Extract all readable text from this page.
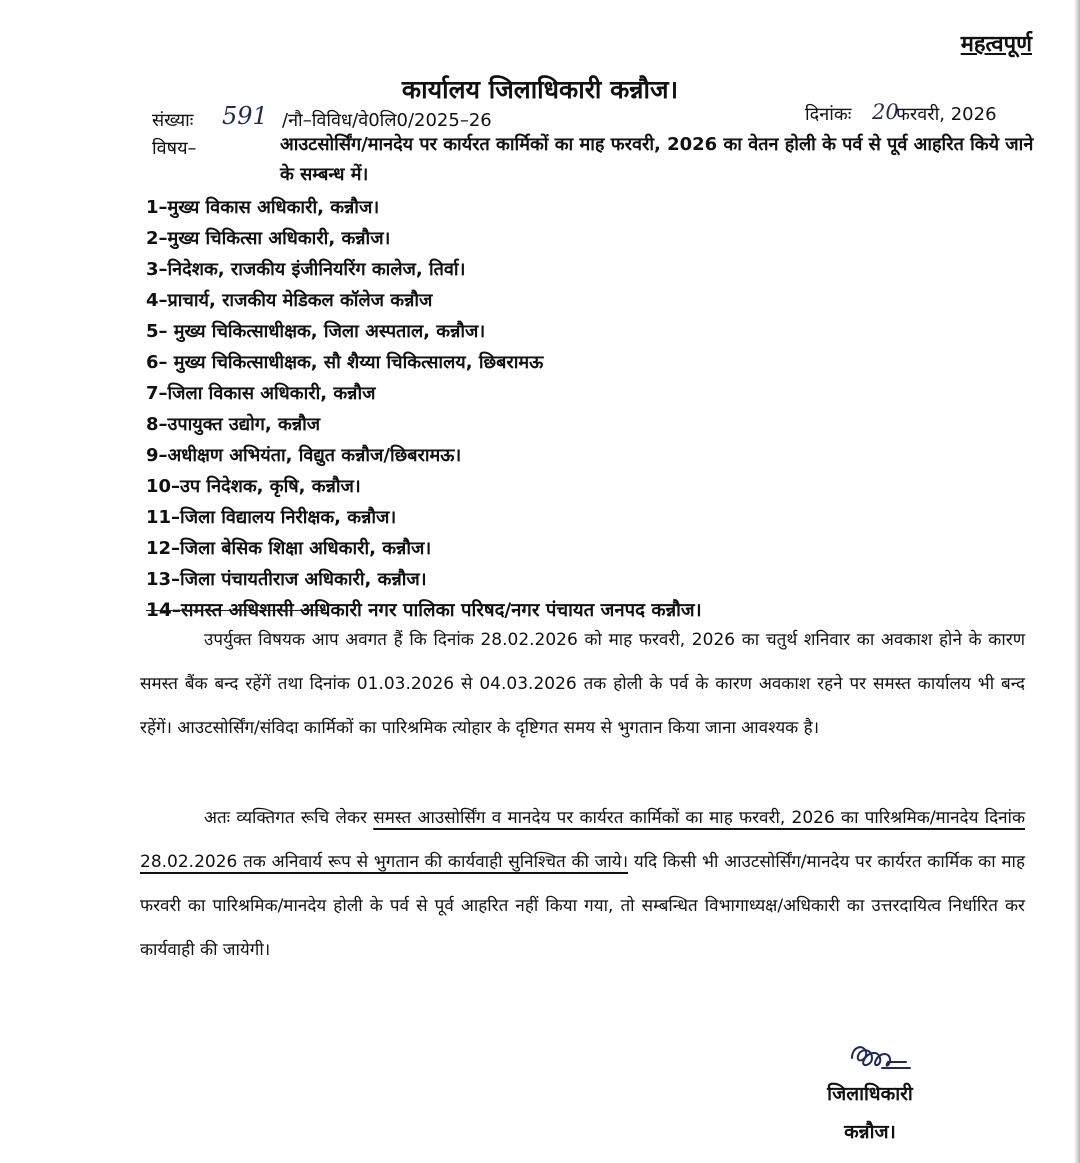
महत्वपूर्ण
कार्यालय जिलाधिकारी कन्नौज।
संख्याः 591 /नौ–विविध/वे0लि0/2025–26	दिनांकः 20
फरवरी, 2026
विषय–	आउटसोर्सिंग/मानदेय पर कार्यरत कार्मिकों का माह फरवरी, 2026 का वेतन होली के पर्व से पूर्व आहरित किये जाने के सम्बन्ध में।
1–मुख्य विकास अधिकारी, कन्नौज।
2–मुख्य चिकित्सा अधिकारी, कन्नौज।
3–निदेशक, राजकीय इंजीनियरिंग कालेज, तिर्वा।
4–प्राचार्य, राजकीय मेडिकल कॉलेज कन्नौज
5– मुख्य चिकित्साधीक्षक, जिला अस्पताल, कन्नौज।
6– मुख्य चिकित्साधीक्षक, सौ शैय्या चिकित्सालय, छिबरामऊ
7–जिला विकास अधिकारी, कन्नौज
8–उपायुक्त उद्योग, कन्नौज
9–अधीक्षण अभियंता, विद्युत कन्नौज/छिबरामऊ।
10–उप निदेशक, कृषि, कन्नौज।
11–जिला विद्यालय निरीक्षक, कन्नौज।
12–जिला बेसिक शिक्षा अधिकारी, कन्नौज।
13–जिला पंचायतीराज अधिकारी, कन्नौज।
14–समस्त अधिशासी अधिकारी नगर पालिका परिषद/नगर पंचायत जनपद कन्नौज।
उपर्युक्त विषयक आप अवगत हैं कि दिनांक 28.02.2026 को माह फरवरी, 2026 का चतुर्थ शनिवार का अवकाश होने के कारण समस्त बैंक बन्द रहेंगें तथा दिनांक 01.03.2026 से 04.03.2026 तक होली के पर्व के कारण अवकाश रहने पर समस्त कार्यालय भी बन्द रहेंगें। आउटसोर्सिंग/संविदा कार्मिकों का पारिश्रमिक त्योहार के दृष्टिगत समय से भुगतान किया जाना आवश्यक है।
अतः व्यक्तिगत रूचि लेकर समस्त आउसोर्सिंग व मानदेय पर कार्यरत कार्मिकों का माह फरवरी, 2026 का पारिश्रमिक/मानदेय दिनांक 28.02.2026 तक अनिवार्य रूप से भुगतान की कार्यवाही सुनिश्चित की जाये। यदि किसी भी आउटसोर्सिंग/मानदेय पर कार्यरत कार्मिक का माह फरवरी का पारिश्रमिक/मानदेय होली के पर्व से पूर्व आहरित नहीं किया गया, तो सम्बन्धित विभागाध्यक्ष/अधिकारी का उत्तरदायित्व निर्धारित कर कार्यवाही की जायेगी।
जिलाधिकारी
कन्नौज।
